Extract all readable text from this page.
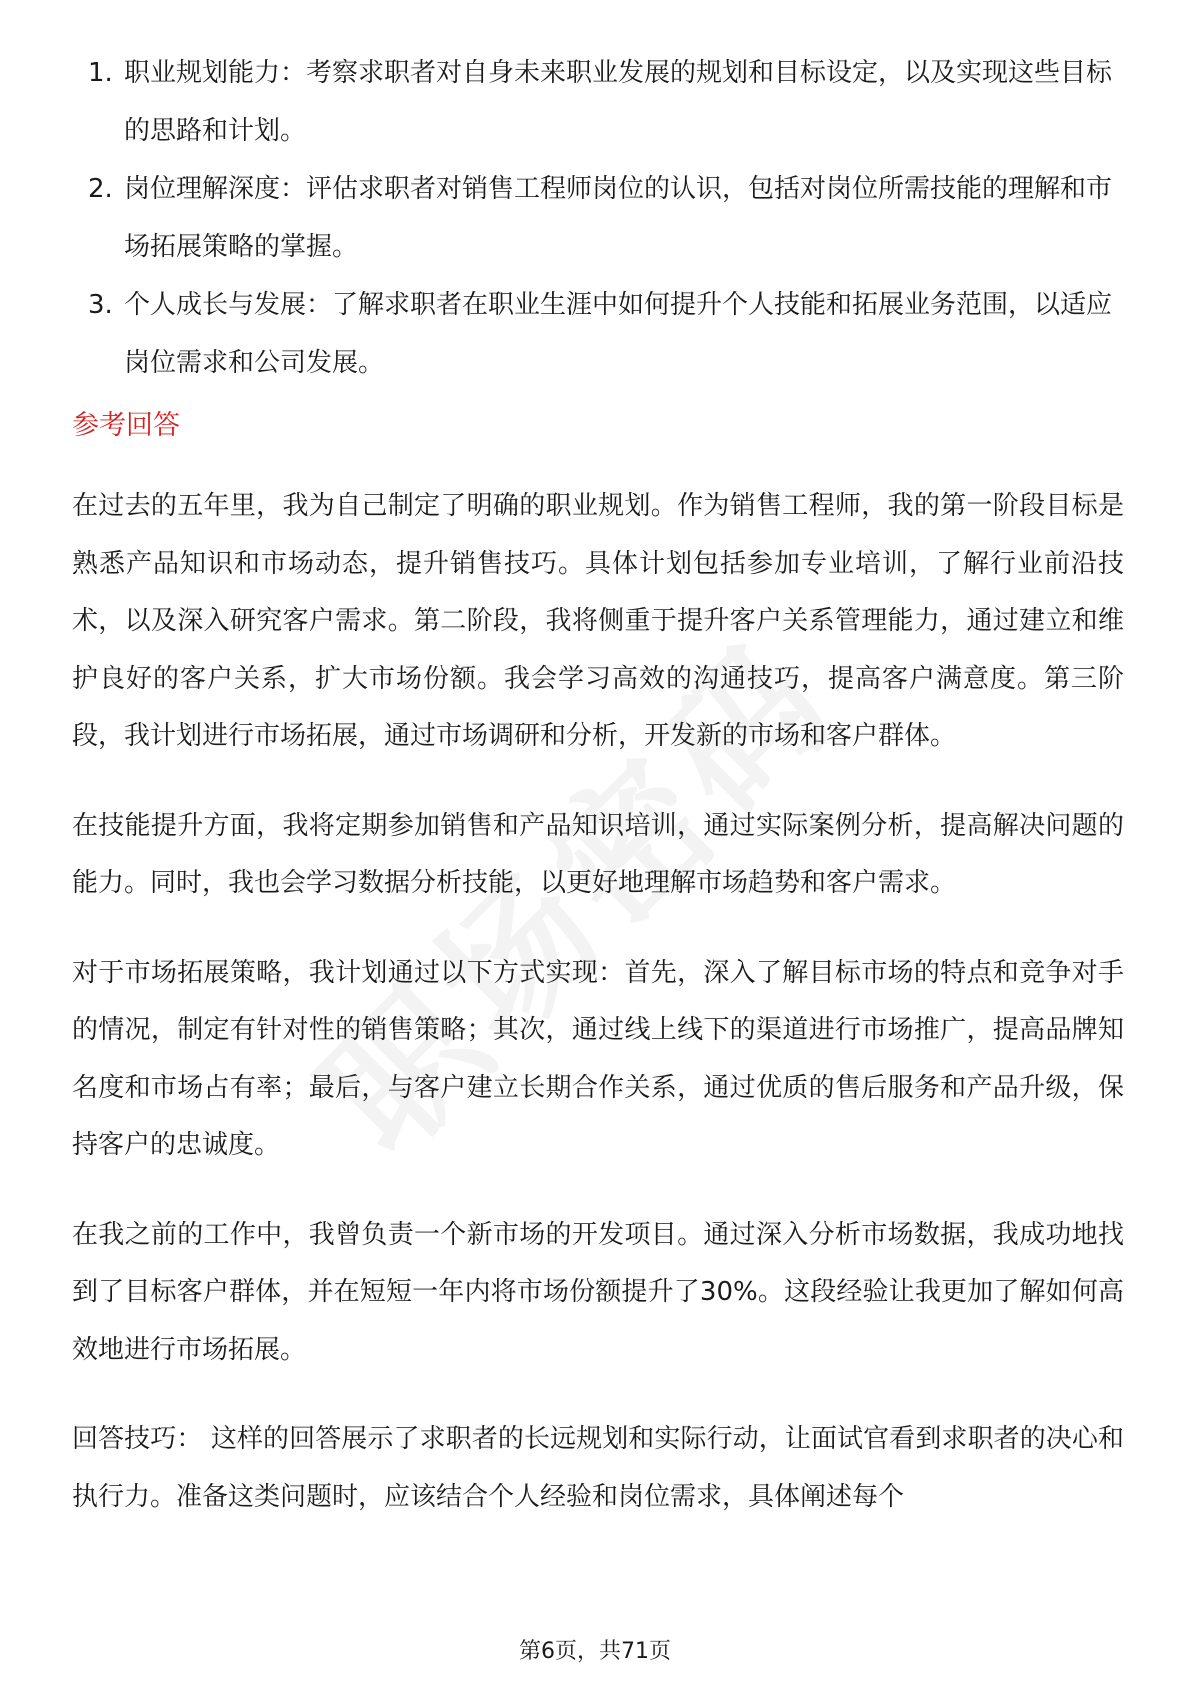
1. 职业规划能力：考察求职者对自身未来职业发展的规划和目标设定，以及实现这些目标的思路和计划。
2. 岗位理解深度：评估求职者对销售工程师岗位的认识，包括对岗位所需技能的理解和市场拓展策略的掌握。
3. 个人成长与发展：了解求职者在职业生涯中如何提升个人技能和拓展业务范围，以适应岗位需求和公司发展。
参考回答

在过去的五年里，我为自己制定了明确的职业规划。作为销售工程师，我的第一阶段目标是熟悉产品知识和市场动态，提升销售技巧。具体计划包括参加专业培训，了解行业前沿技术，以及深入研究客户需求。第二阶段，我将侧重于提升客户关系管理能力，通过建立和维护良好的客户关系，扩大市场份额。我会学习高效的沟通技巧，提高客户满意度。第三阶段，我计划进行市场拓展，通过市场调研和分析，开发新的市场和客户群体。

在技能提升方面，我将定期参加销售和产品知识培训，通过实际案例分析，提高解决问题的能力。同时，我也会学习数据分析技能，以更好地理解市场趋势和客户需求。

对于市场拓展策略，我计划通过以下方式实现：首先，深入了解目标市场的特点和竞争对手的情况，制定有针对性的销售策略；其次，通过线上线下的渠道进行市场推广，提高品牌知名度和市场占有率；最后，与客户建立长期合作关系，通过优质的售后服务和产品升级，保持客户的忠诚度。

在我之前的工作中，我曾负责一个新市场的开发项目。通过深入分析市场数据，我成功地找到了目标客户群体，并在短短一年内将市场份额提升了30%。这段经验让我更加了解如何高效地进行市场拓展。

回答技巧： 这样的回答展示了求职者的长远规划和实际行动，让面试官看到求职者的决心和执行力。准备这类问题时，应该结合个人经验和岗位需求，具体阐述每个

第6页，共71页
